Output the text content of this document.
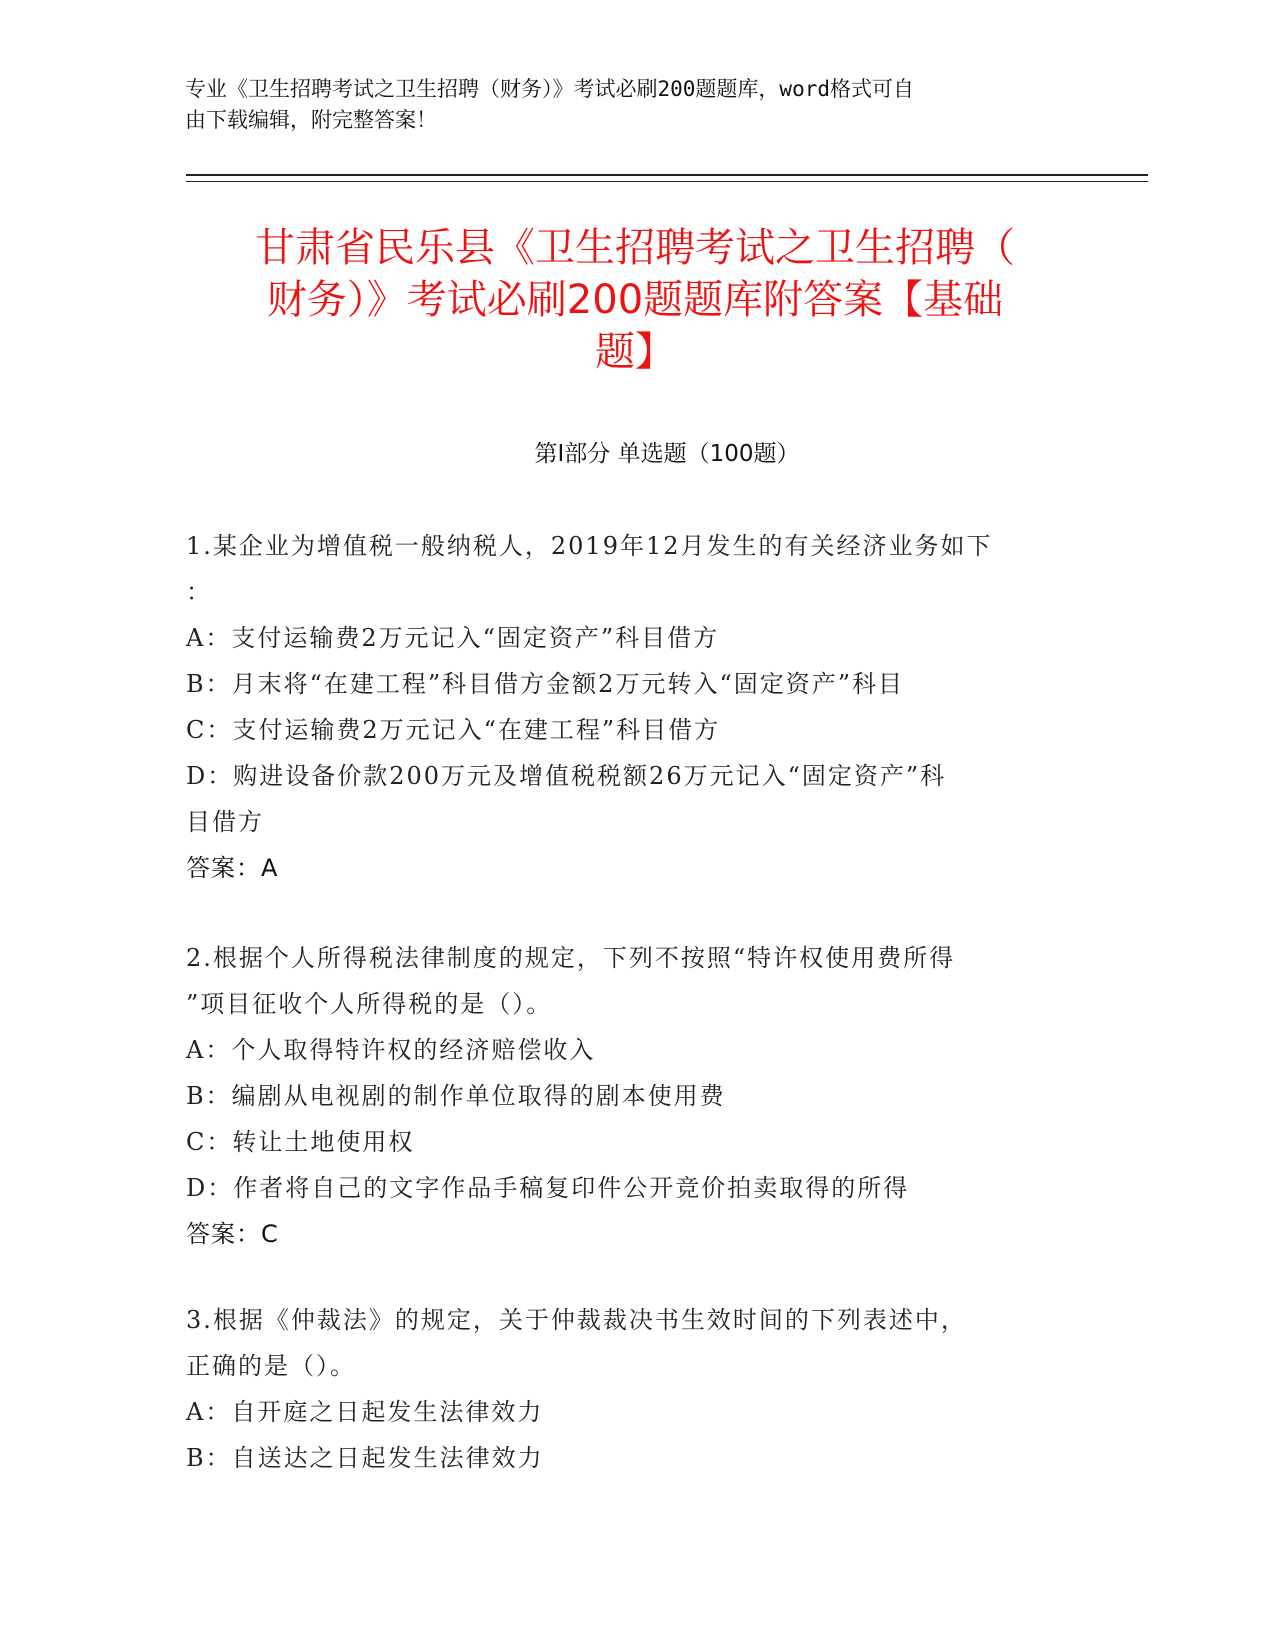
专业《卫生招聘考试之卫生招聘（财务）》考试必刷200题题库，word格式可自
由下载编辑，附完整答案！
甘肃省民乐县《卫生招聘考试之卫生招聘（
财务）》考试必刷200题题库附答案【基础
题】
第Ⅰ部分 单选题（100题）
1.某企业为增值税一般纳税人，2019年12月发生的有关经济业务如下
：
A：支付运输费2万元记入“固定资产”科目借方
B：月末将“在建工程”科目借方金额2万元转入“固定资产”科目
C：支付运输费2万元记入“在建工程”科目借方
D：购进设备价款200万元及增值税税额26万元记入“固定资产”科
目借方
答案：A
2.根据个人所得税法律制度的规定，下列不按照“特许权使用费所得
”项目征收个人所得税的是（）。
A：个人取得特许权的经济赔偿收入
B：编剧从电视剧的制作单位取得的剧本使用费
C：转让土地使用权
D：作者将自己的文字作品手稿复印件公开竞价拍卖取得的所得
答案：C
3.根据《仲裁法》的规定，关于仲裁裁决书生效时间的下列表述中，
正确的是（）。
A：自开庭之日起发生法律效力
B：自送达之日起发生法律效力
